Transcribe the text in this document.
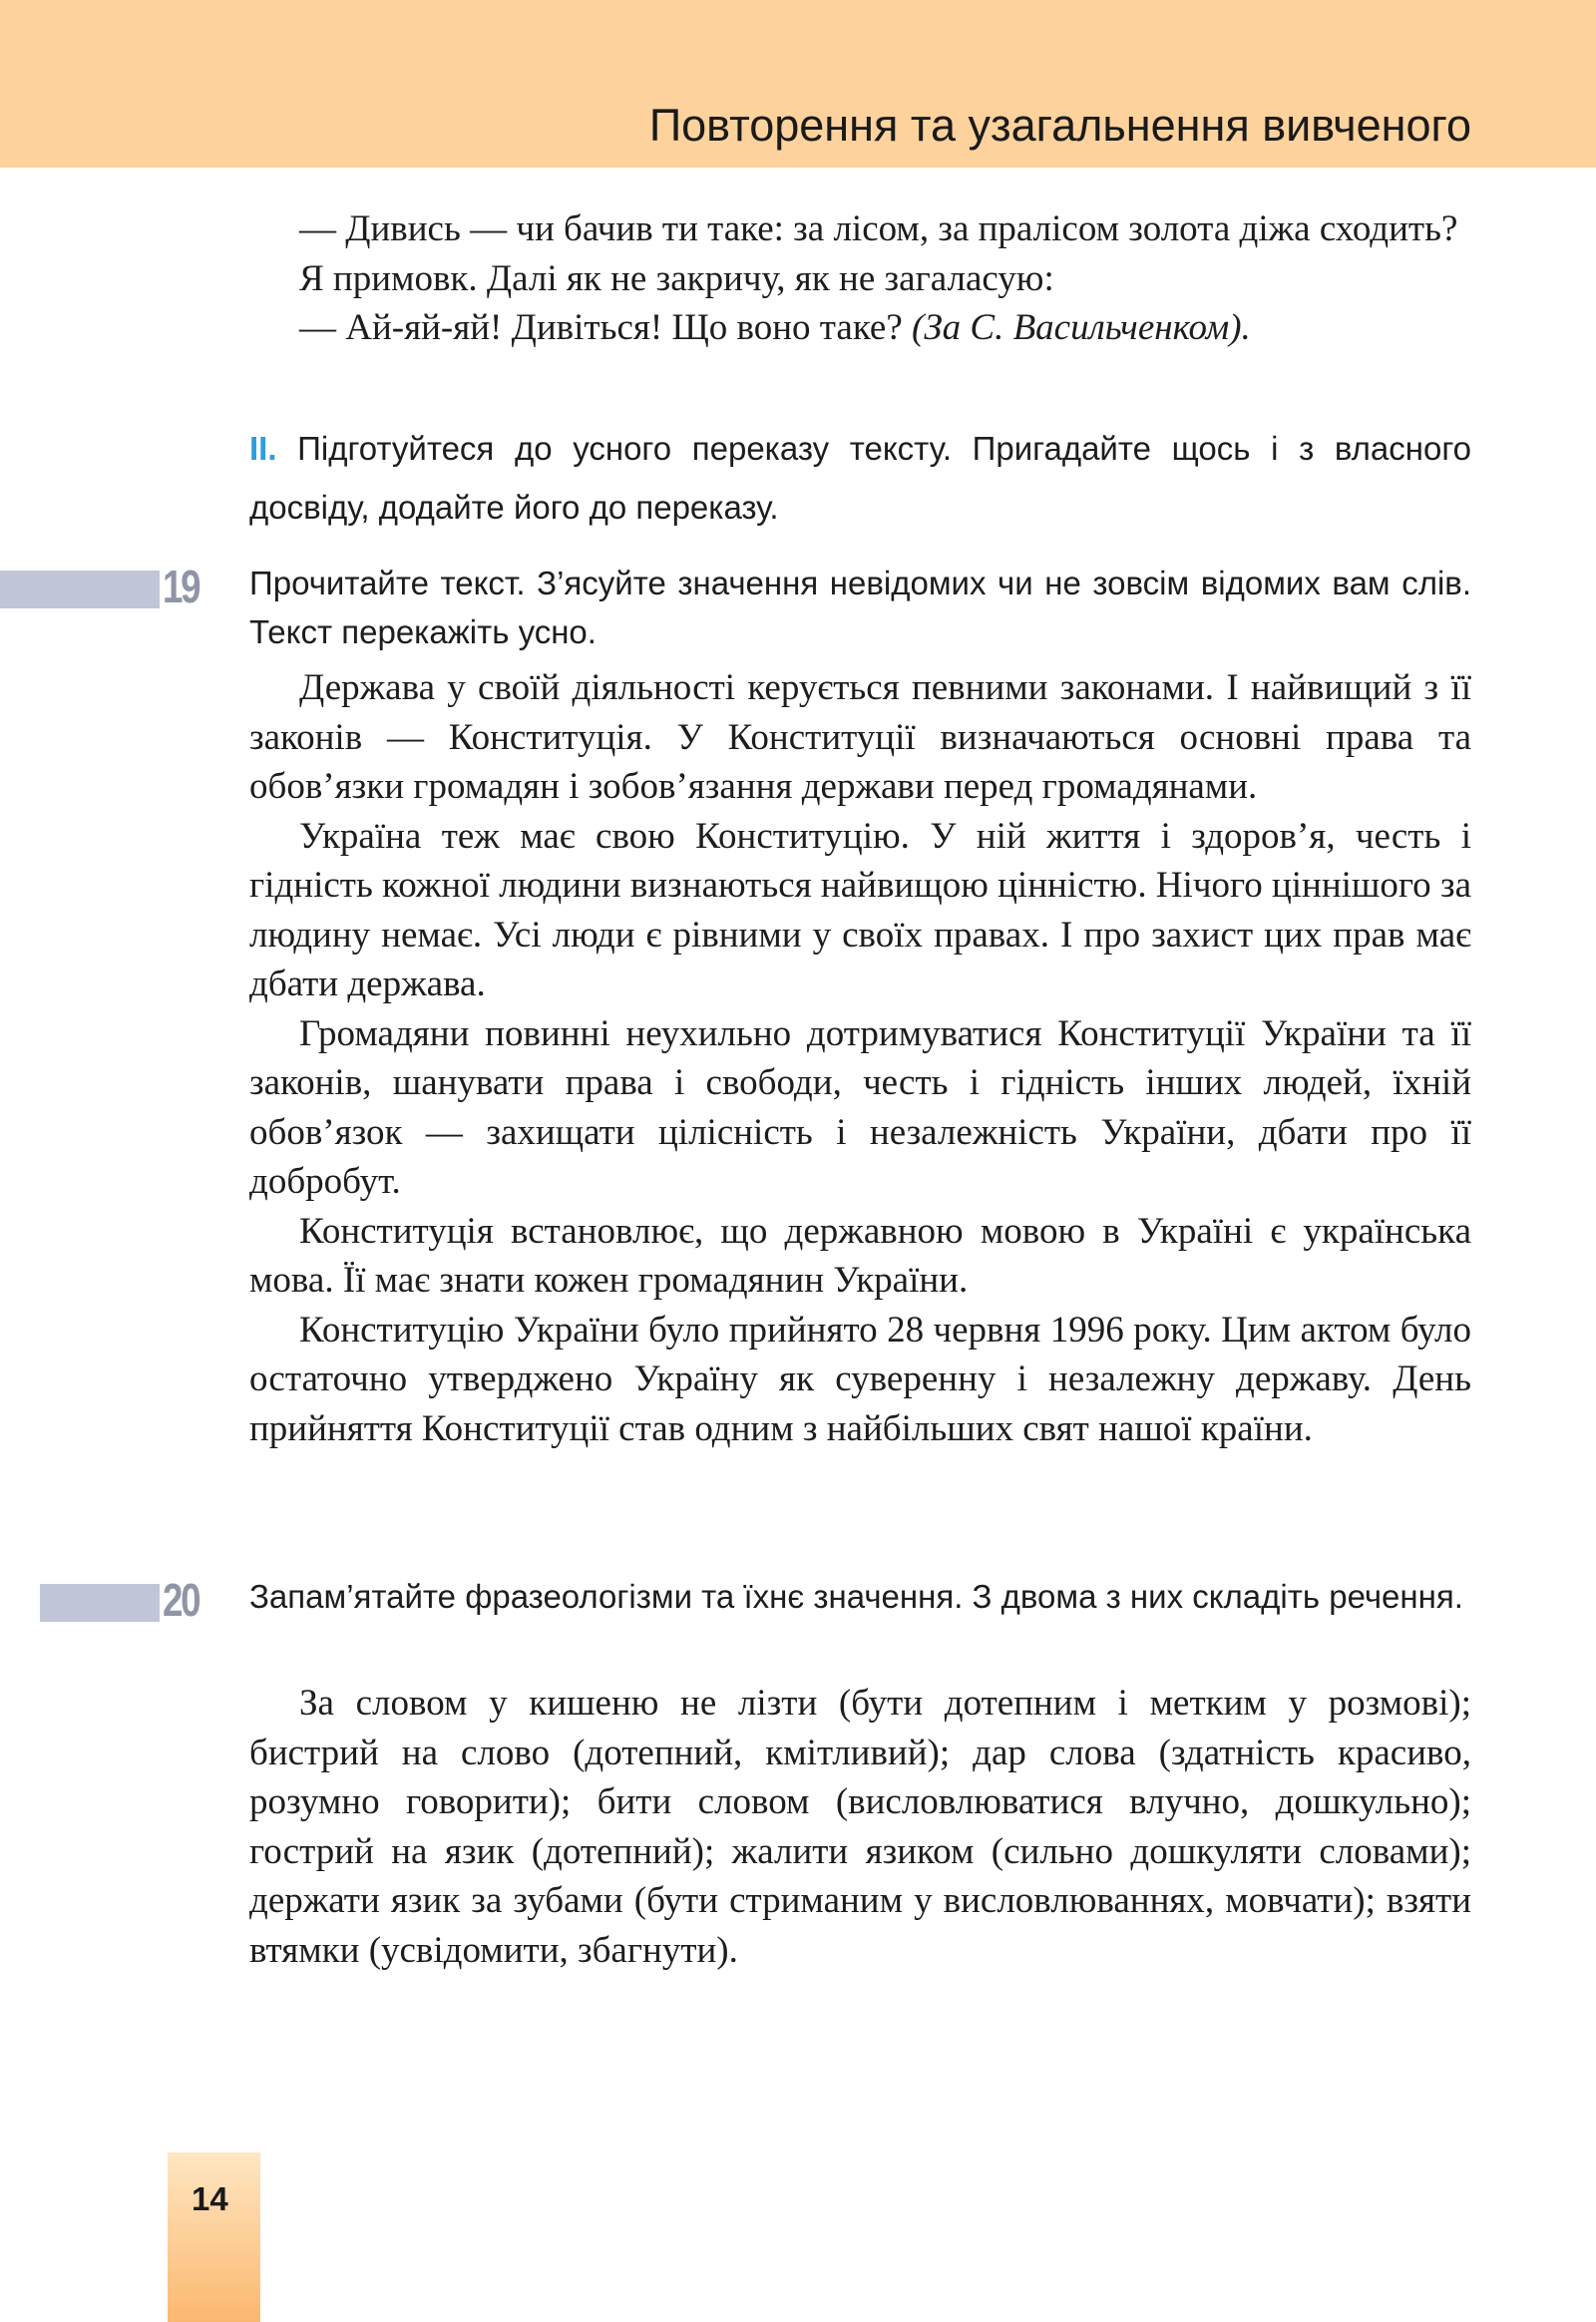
Повторення та узагальнення вивченого

— Дивись — чи бачив ти таке: за лісом, за пралісом золота діжа сходить?

Я примовк. Далі як не закричу, як не загаласую:

— Ай-яй-яй! Дивіться! Що воно таке? (За С. Васильченком).

II. Підготуйтеся до усного переказу тексту. Пригадайте щось і з власного досвіду, додайте його до переказу.

19 Прочитайте текст. З’ясуйте значення невідомих чи не зовсім відомих вам слів. Текст перекажіть усно.

Держава у своїй діяльності керується певними законами. І найвищий з її законів — Конституція. У Конституції визначаються основні права та обов’язки громадян і зобов’язання держави перед громадянами.

Україна теж має свою Конституцію. У ній життя і здоров’я, честь і гідність кожної людини визнаються найвищою цінністю. Нічого ціннішого за людину немає. Усі люди є рівними у своїх правах. І про захист цих прав має дбати держава.

Громадяни повинні неухильно дотримуватися Конституції України та її законів, шанувати права і свободи, честь і гідність інших людей, їхній обов’язок — захищати цілісність і незалежність України, дбати про її добробут.

Конституція встановлює, що державною мовою в Україні є українська мова. Її має знати кожен громадянин України.

Конституцію України було прийнято 28 червня 1996 року. Цим актом було остаточно утверджено Україну як суверенну і незалежну державу. День прийняття Конституції став одним з найбільших свят нашої країни.

20 Запам’ятайте фразеологізми та їхнє значення. З двома з них складіть речення.

За словом у кишеню не лізти (бути дотепним і метким у розмові); бистрий на слово (дотепний, кмітливий); дар слова (здатність красиво, розумно говорити); бити словом (висловлюватися влучно, дошкульно); гострий на язик (дотепний); жалити язиком (сильно дошкуляти словами); держати язик за зубами (бути стриманим у висловлюваннях, мовчати); взяти втямки (усвідомити, збагнути).

14
